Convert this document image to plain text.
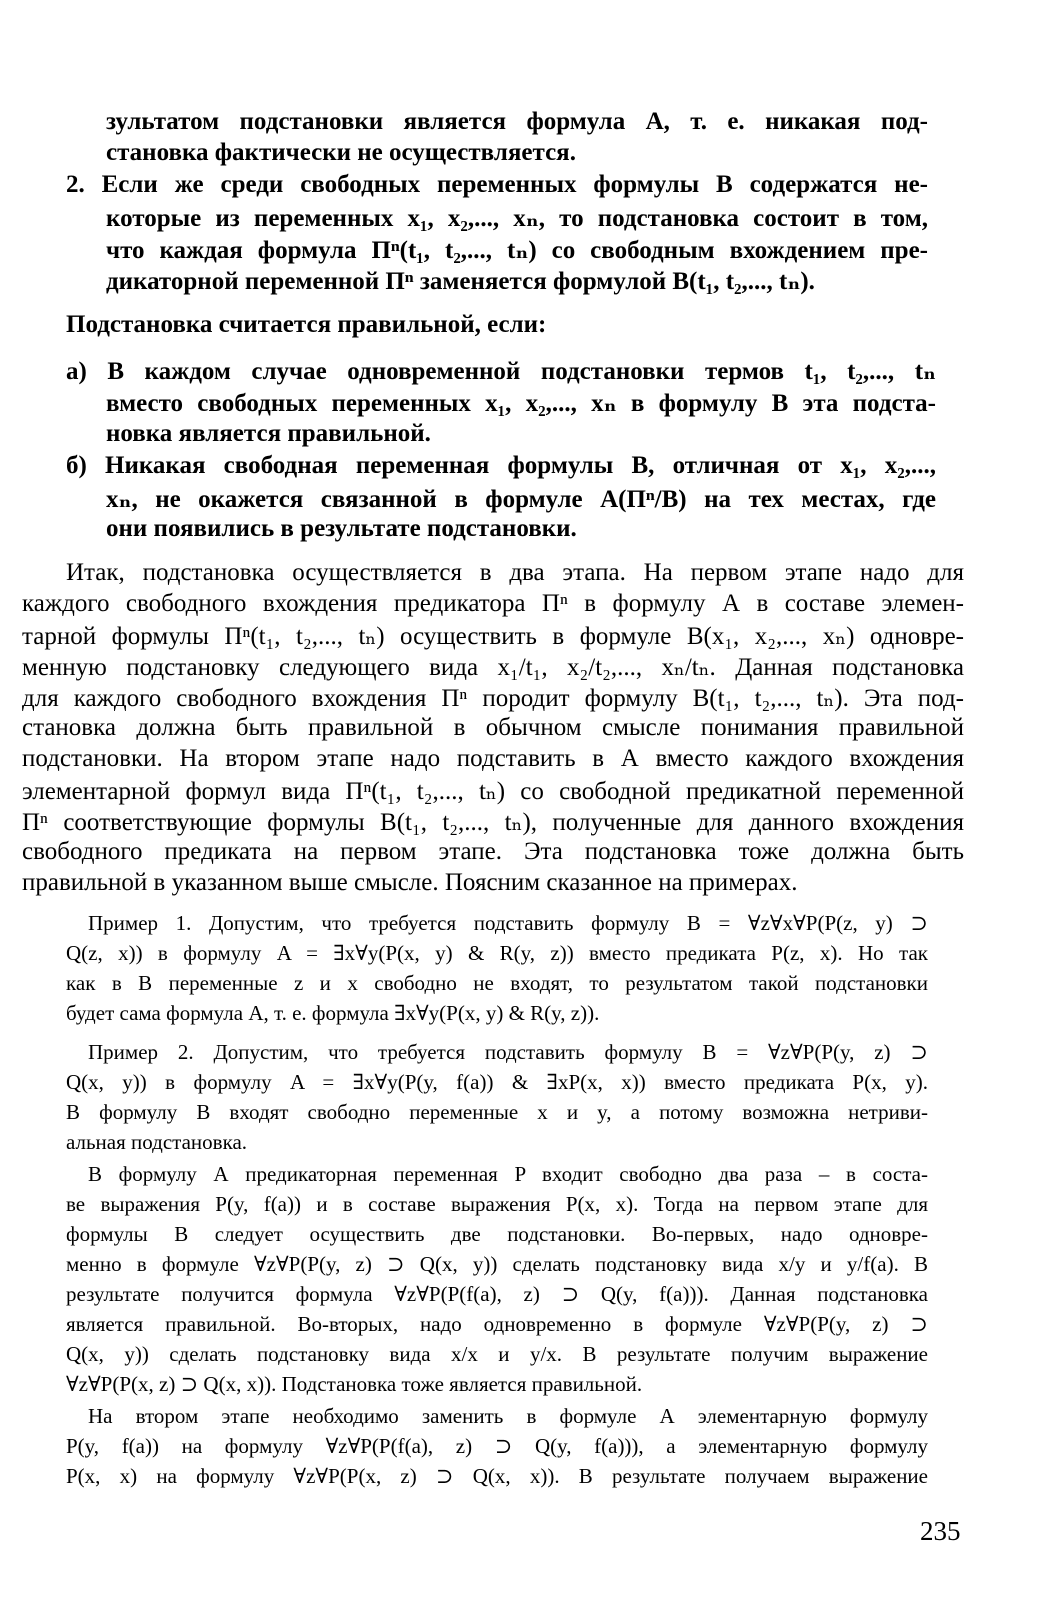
зультатом подстановки является формула А, т. е. никакая под-
становка фактически не осуществляется.
2. Если же среди свободных переменных формулы В содержатся не-
которые из переменных x₁, x₂,..., xₙ, то подстановка состоит в том,
что каждая формула Пⁿ(t₁, t₂,..., tₙ) со свободным вхождением пре-
дикаторной переменной Пⁿ заменяется формулой B(t₁, t₂,..., tₙ).
Подстановка считается правильной, если:
а) В каждом случае одновременной подстановки термов t₁, t₂,..., tₙ
вместо свободных переменных x₁, x₂,..., xₙ в формулу В эта подста-
новка является правильной.
б) Никакая свободная переменная формулы В, отличная от x₁, x₂,...,
xₙ, не окажется связанной в формуле A(Пⁿ/B) на тех местах, где
они появились в результате подстановки.
Итак, подстановка осуществляется в два этапа. На первом этапе надо для
каждого свободного вхождения предикатора Пⁿ в формулу А в составе элемен-
тарной формулы Пⁿ(t₁, t₂,..., tₙ) осуществить в формуле B(x₁, x₂,..., xₙ) одновре-
менную подстановку следующего вида x₁/t₁, x₂/t₂,..., xₙ/tₙ. Данная подстановка
для каждого свободного вхождения Пⁿ породит формулу B(t₁, t₂,..., tₙ). Эта под-
становка должна быть правильной в обычном смысле понимания правильной
подстановки. На втором этапе надо подставить в А вместо каждого вхождения
элементарной формул вида Пⁿ(t₁, t₂,..., tₙ) со свободной предикатной переменной
Пⁿ соответствующие формулы B(t₁, t₂,..., tₙ), полученные для данного вхождения
свободного предиката на первом этапе. Эта подстановка тоже должна быть
правильной в указанном выше смысле. Поясним сказанное на примерах.
Пример 1. Допустим, что требуется подставить формулу B = ∀z∀x∀P(P(z, y) ⊃
Q(z, x)) в формулу A = ∃x∀y(P(x, y) & R(y, z)) вместо предиката P(z, x). Но так
как в B переменные z и x свободно не входят, то результатом такой подстановки
будет сама формула А, т. е. формула ∃x∀y(P(x, y) & R(y, z)).
Пример 2. Допустим, что требуется подставить формулу B = ∀z∀P(P(y, z) ⊃
Q(x, y)) в формулу A = ∃x∀y(P(y, f(a)) & ∃xP(x, x)) вместо предиката P(x, y).
В формулу B входят свободно переменные x и y, а потому возможна нетриви-
альная подстановка.
В формулу А предикаторная переменная P входит свободно два раза – в соста-
ве выражения P(y, f(a)) и в составе выражения P(x, x). Тогда на первом этапе для
формулы B следует осуществить две подстановки. Во-первых, надо одновре-
менно в формуле ∀z∀P(P(y, z) ⊃ Q(x, y)) сделать подстановку вида x/y и y/f(a). В
результате получится формула ∀z∀P(P(f(a), z) ⊃ Q(y, f(a))). Данная подстановка
является правильной. Во-вторых, надо одновременно в формуле ∀z∀P(P(y, z) ⊃
Q(x, y)) сделать подстановку вида x/x и y/x. В результате получим выражение
∀z∀P(P(x, z) ⊃ Q(x, x)). Подстановка тоже является правильной.
На втором этапе необходимо заменить в формуле А элементарную формулу
P(y, f(a)) на формулу ∀z∀P(P(f(a), z) ⊃ Q(y, f(a))), а элементарную формулу
P(x, x) на формулу ∀z∀P(P(x, z) ⊃ Q(x, x)). В результате получаем выражение
235
